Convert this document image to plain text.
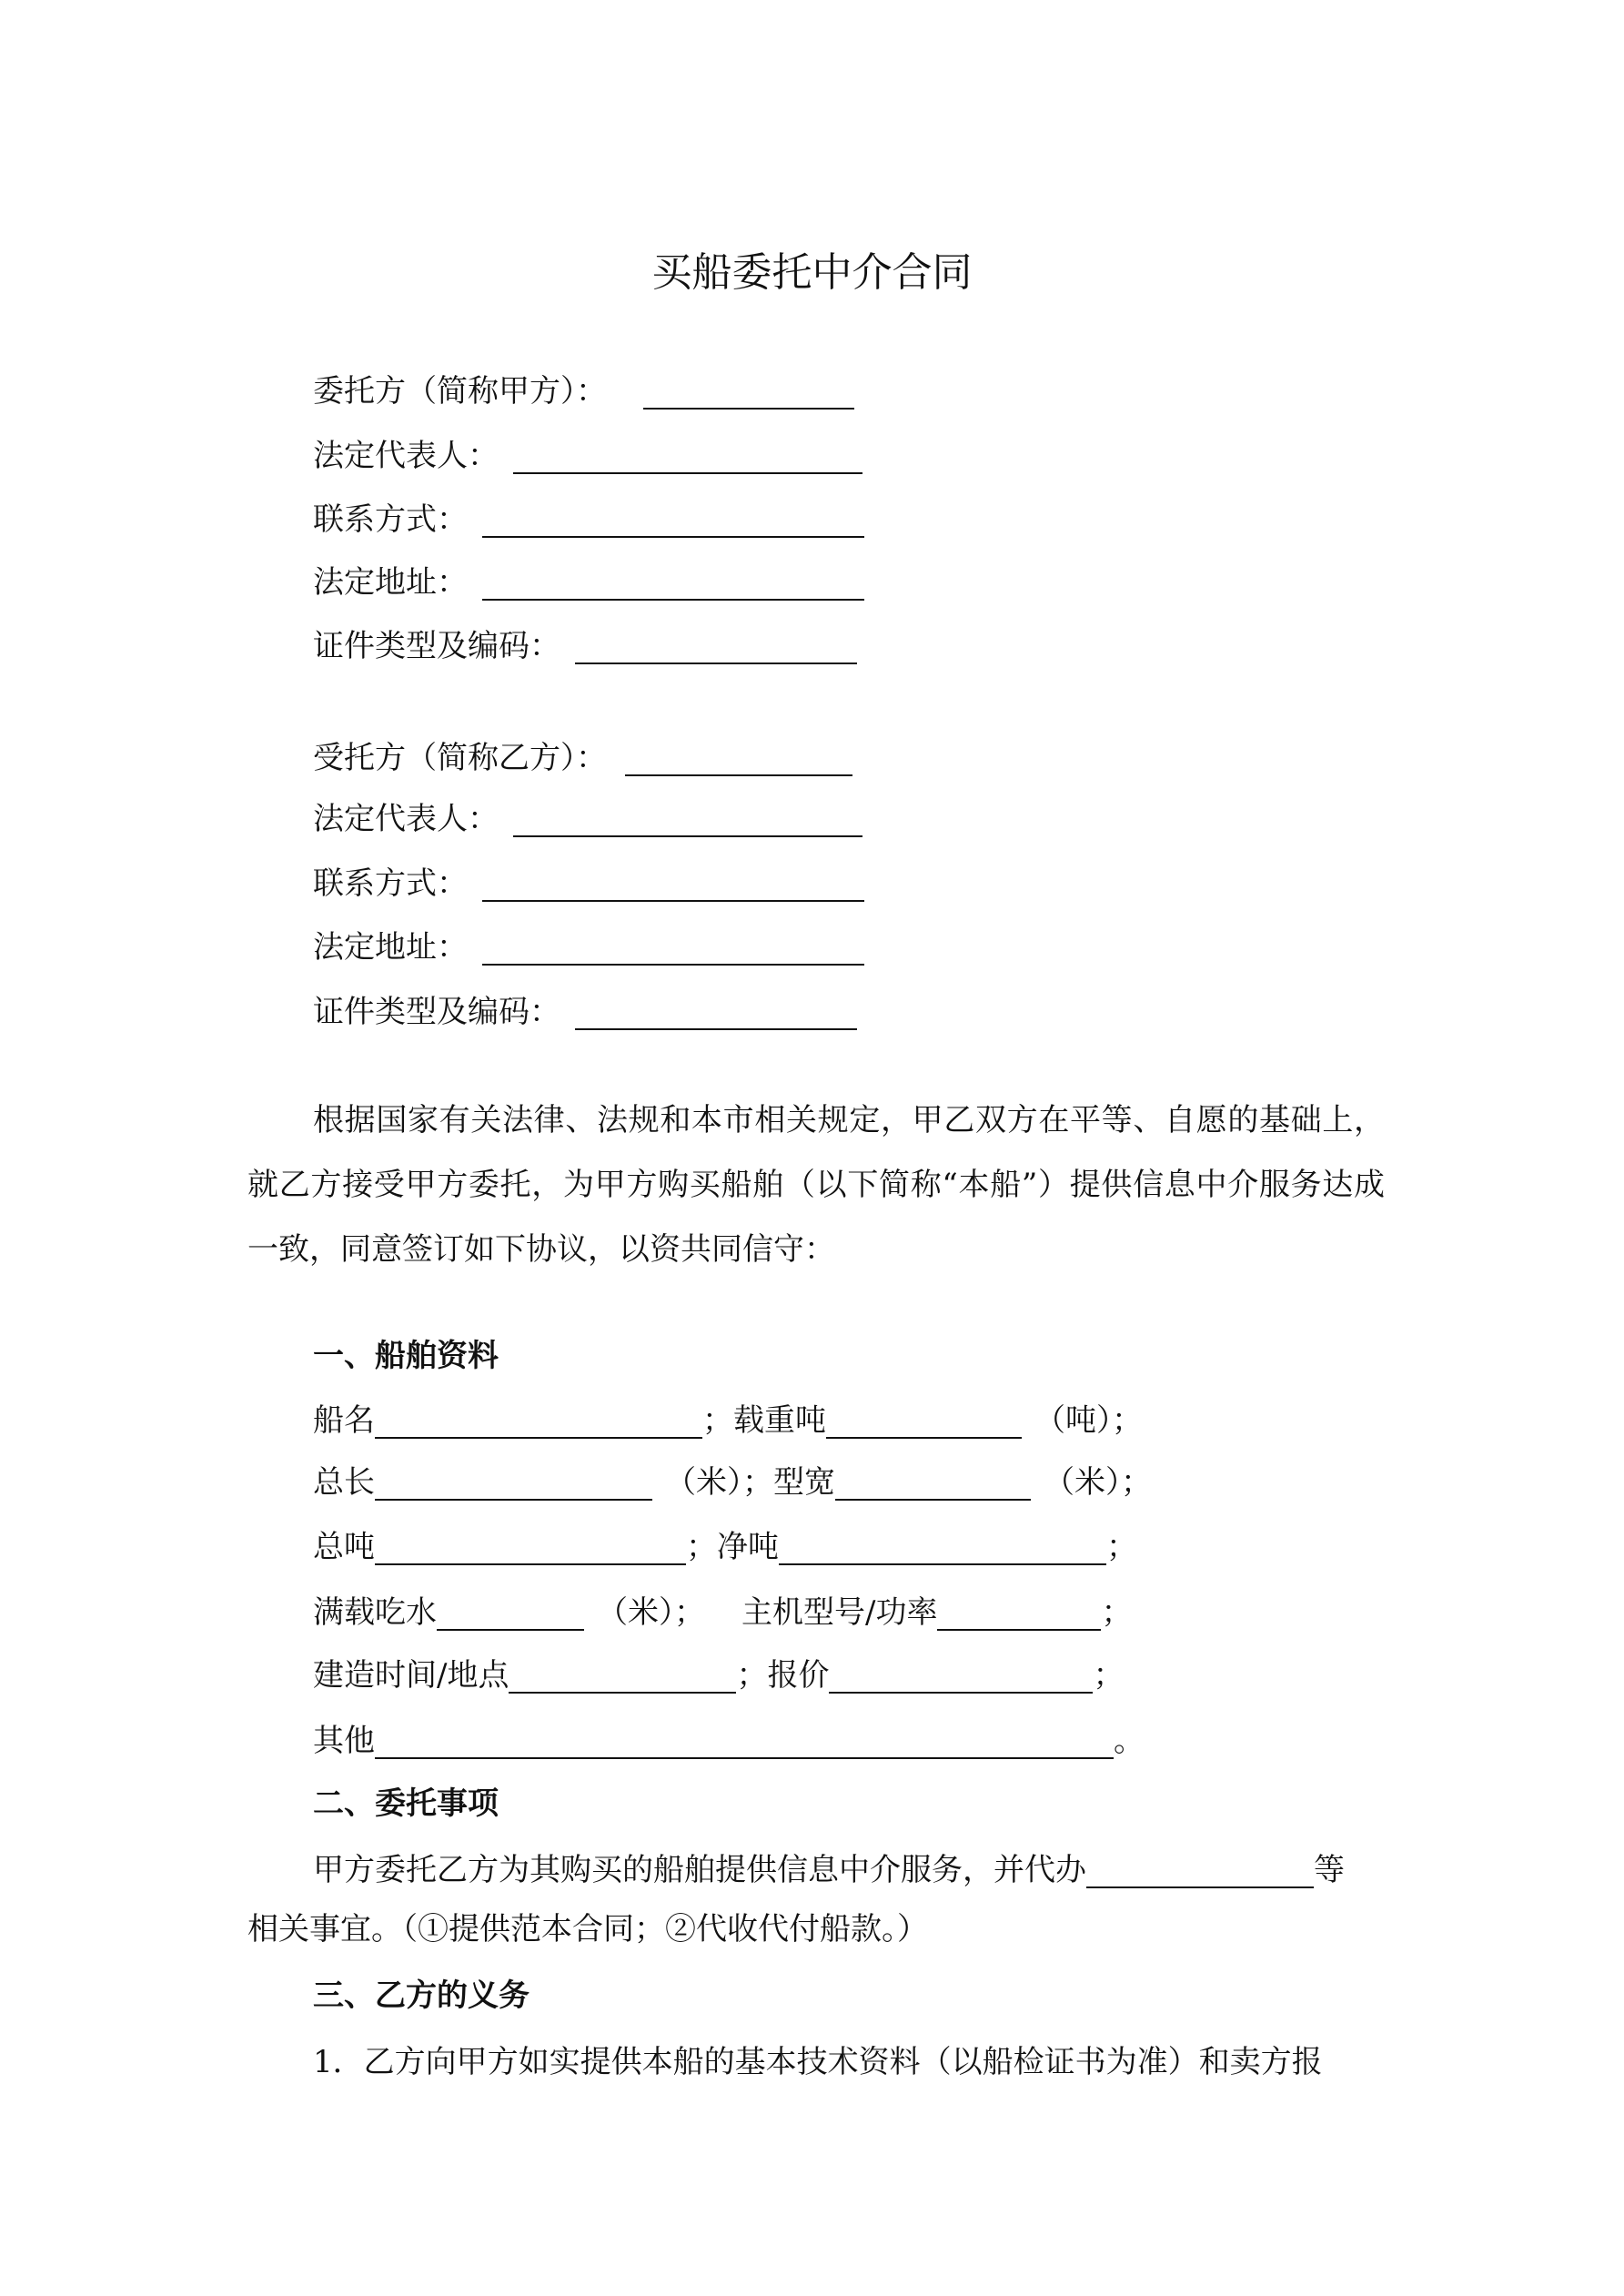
买船委托中介合同
委托方（简称甲方）：
法定代表人：
联系方式：
法定地址：
证件类型及编码：
受托方（简称乙方）：
法定代表人：
联系方式：
法定地址：
证件类型及编码：
根据国家有关法律、法规和本市相关规定，甲乙双方在平等、自愿的基础上，就乙方接受甲方委托，为甲方购买船舶（以下简称“本船”）提供信息中介服务达成一致，同意签订如下协议，以资共同信守：
一、船舶资料
船名	；载重吨	（吨）；
总长	（米）；型宽	（米）；
总吨	；净吨	；
满载吃水	（米）； 主机型号/功率	；
建造时间/地点	；报价	；
其他	。
二、委托事项
甲方委托乙方为其购买的船舶提供信息中介服务，并代办	等
相关事宜。（①提供范本合同；②代收代付船款。）
三、乙方的义务
1．乙方向甲方如实提供本船的基本技术资料（以船检证书为准）和卖方报
